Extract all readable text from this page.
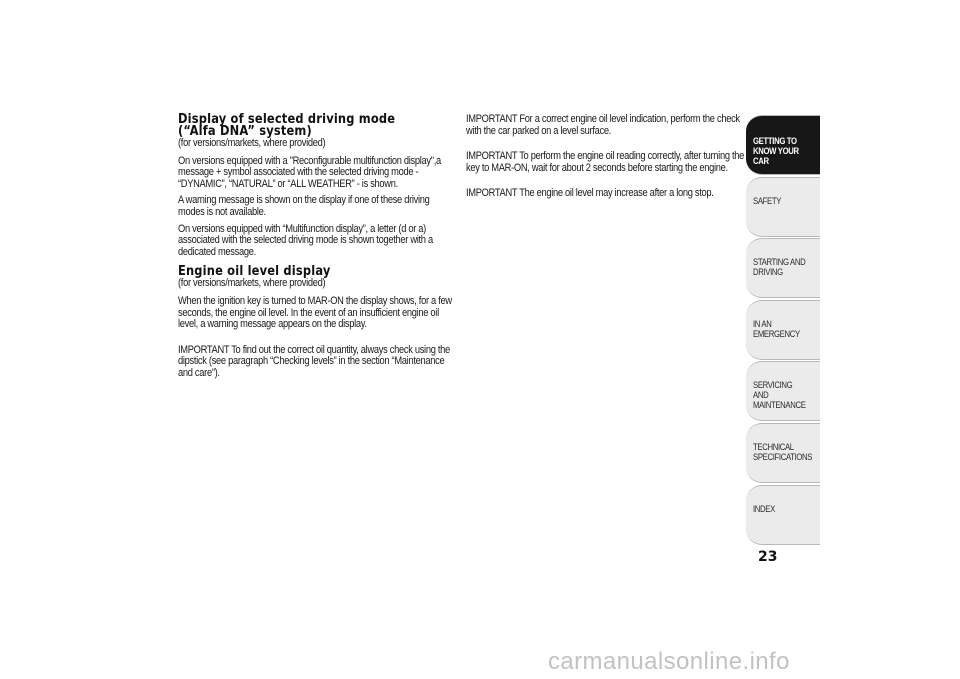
Display of selected driving mode
(“Alfa DNA” system)

(for versions/markets, where provided)

On versions equipped with a "Reconfigurable multifunction display",a message + symbol associated with the selected driving mode - “DYNAMIC”, “NATURAL” or “ALL WEATHER” - is shown.

A warning message is shown on the display if one of these driving modes is not available.

On versions equipped with “Multifunction display”, a letter (d or a) associated with the selected driving mode is shown together with a dedicated message.

Engine oil level display

(for versions/markets, where provided)

When the ignition key is turned to MAR-ON the display shows, for a few seconds, the engine oil level. In the event of an insufficient engine oil level, a warning message appears on the display.

IMPORTANT To find out the correct oil quantity, always check using the dipstick (see paragraph “Checking levels” in the section “Maintenance and care”).

IMPORTANT For a correct engine oil level indication, perform the check with the car parked on a level surface.

IMPORTANT To perform the engine oil reading correctly, after turning the key to MAR-ON, wait for about 2 seconds before starting the engine.

IMPORTANT The engine oil level may increase after a long stop.

GETTING TO
KNOW YOUR CAR
SAFETY
STARTING AND
DRIVING
IN AN EMERGENCY
SERVICING AND
MAINTENANCE
TECHNICAL
SPECIFICATIONS
INDEX
23
carmanualsonline.info
